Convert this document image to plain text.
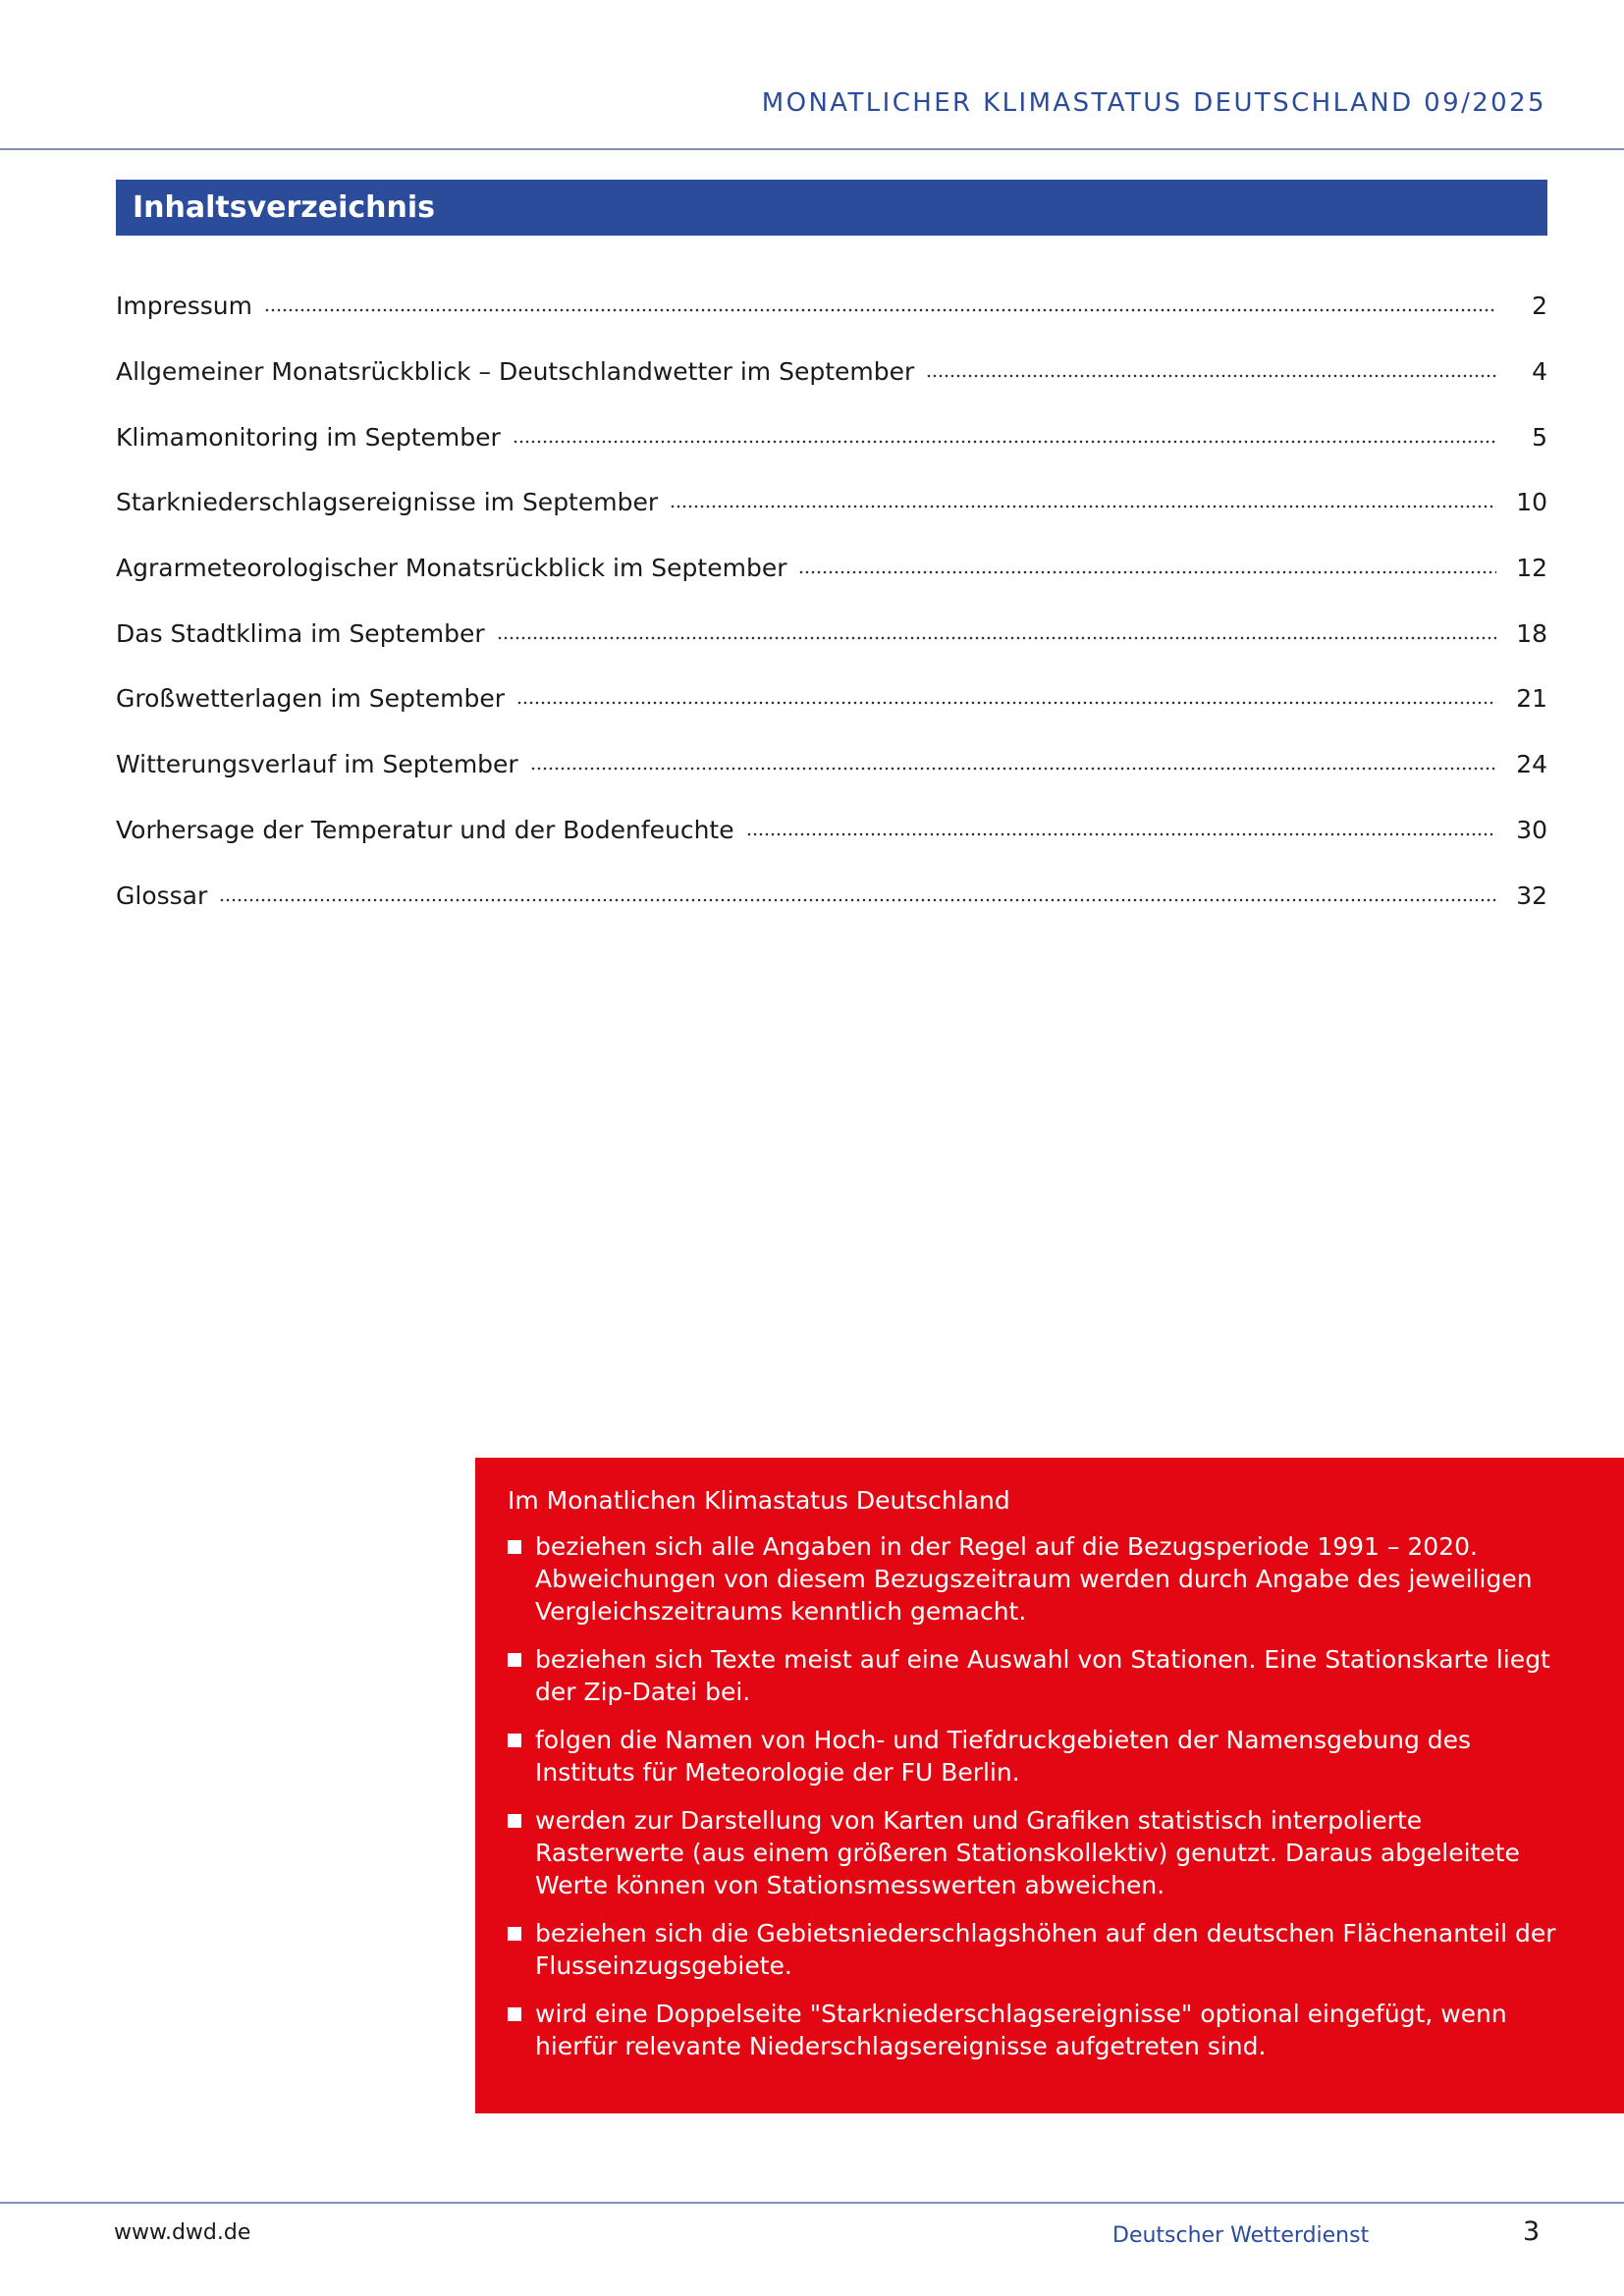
MONATLICHER KLIMASTATUS DEUTSCHLAND 09/2025
Inhaltsverzeichnis
Impressum	2
Allgemeiner Monatsrückblick – Deutschlandwetter im September	4
Klimamonitoring im September	5
Starkniederschlagsereignisse im September	10
Agrarmeteorologischer Monatsrückblick im September	12
Das Stadtklima im September	18
Großwetterlagen im September	21
Witterungsverlauf im September	24
Vorhersage der Temperatur und der Bodenfeuchte	30
Glossar	32
Im Monatlichen Klimastatus Deutschland
beziehen sich alle Angaben in der Regel auf die Bezugsperiode 1991 – 2020. Abweichungen von diesem Bezugszeitraum werden durch Angabe des jeweiligen Vergleichszeitraums kenntlich gemacht.
beziehen sich Texte meist auf eine Auswahl von Stationen. Eine Stationskarte liegt der Zip-Datei bei.
folgen die Namen von Hoch- und Tiefdruckgebieten der Namensgebung des Instituts für Meteorologie der FU Berlin.
werden zur Darstellung von Karten und Grafiken statistisch interpolierte Rasterwerte (aus einem größeren Stationskollektiv) genutzt. Daraus abgeleitete Werte können von Stationsmesswerten abweichen.
beziehen sich die Gebietsniederschlagshöhen auf den deutschen Flächenanteil der Flusseinzugsgebiete.
wird eine Doppelseite "Starkniederschlagsereignisse" optional eingefügt, wenn hierfür relevante Niederschlagsereignisse aufgetreten sind.
www.dwd.de	Deutscher Wetterdienst	3
